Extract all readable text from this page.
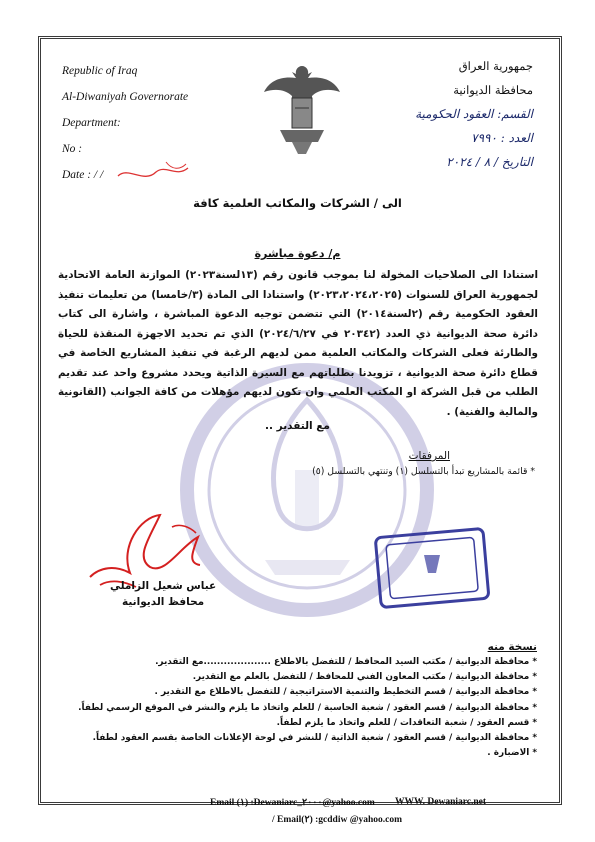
Republic of Iraq
Al-Diwaniyah Governorate
Department:
No :
Date : / /
جمهورية العراق
محافظة الديوانية
القسم: العقود الحكومية
العدد : ٧٩٩٠
التاريخ / ٨ / ٢٠٢٤
الى / الشركات والمكاتب العلمية كافة
م/ دعوة مباشرة
استنادا الى الصلاحيات المخولة لنا بموجب قانون رقم (١٣لسنة٢٠٢٣) الموازنة العامة الاتحادية لجمهورية العراق للسنوات (٢٠٢٣،٢٠٢٤،٢٠٢٥) واستنادا الى المادة (٣/خامسا) من تعليمات تنفيذ العقود الحكومية رقم (٢لسنة٢٠١٤) التي تتضمن توجيه الدعوة المباشرة ، واشارة الى كتاب دائرة صحة الديوانية ذي العدد (٢٠٣٤٢ في ٢٠٢٤/٦/٢٧) الذي تم تحديد الاجهزة المنقذة للحياة والطارئة فعلى الشركات والمكاتب العلمية ممن لديهم الرغبة في تنفيذ المشاريع الخاصة في قطاع دائرة صحة الديوانية ، تزويدنا بطلباتهم مع السيرة الذاتية ويحدد مشروع واحد عند تقديم الطلب من قبل الشركة او المكتب العلمي وان تكون لديهم مؤهلات من كافة الجوانب (القانونية والمالية والفنية) .
مع التقدير ..
المرفقات
* قائمة بالمشاريع تبدأ بالتسلسل (١) وتنتهي بالتسلسل (٥)
عباس شعيل الزاملي
محافظ الديوانية
نسخة منه
* محافظة الديوانية / مكتب السيد المحافظ / للتفضل بالاطلاع ....................مع التقدير.
* محافظة الديوانية / مكتب المعاون الفني للمحافظ / للتفضل بالعلم مع التقدير.
* محافظة الديوانية / قسم التخطيط والتنمية الاستراتيجية / للتفضل بالاطلاع مع التقدير .
* محافظة الديوانية / قسم العقود / شعبة الحاسبة / للعلم واتخاذ ما يلزم والنشر في الموقع الرسمي لطفاً.
* قسم العقود / شعبة التعاقدات / للعلم واتخاذ ما يلزم لطفاً.
* محافظة الديوانية / قسم العقود / شعبة الذاتية / للنشر في لوحة الإعلانات الخاصة بقسم العقود لطفاً.
* الاضبارة .
Email (١) :Dewaniarc_٢٠٠٠@yahoo.com WWW. Dewaniarc.net
/ Email(٢) :gcddiw @yahoo.com
